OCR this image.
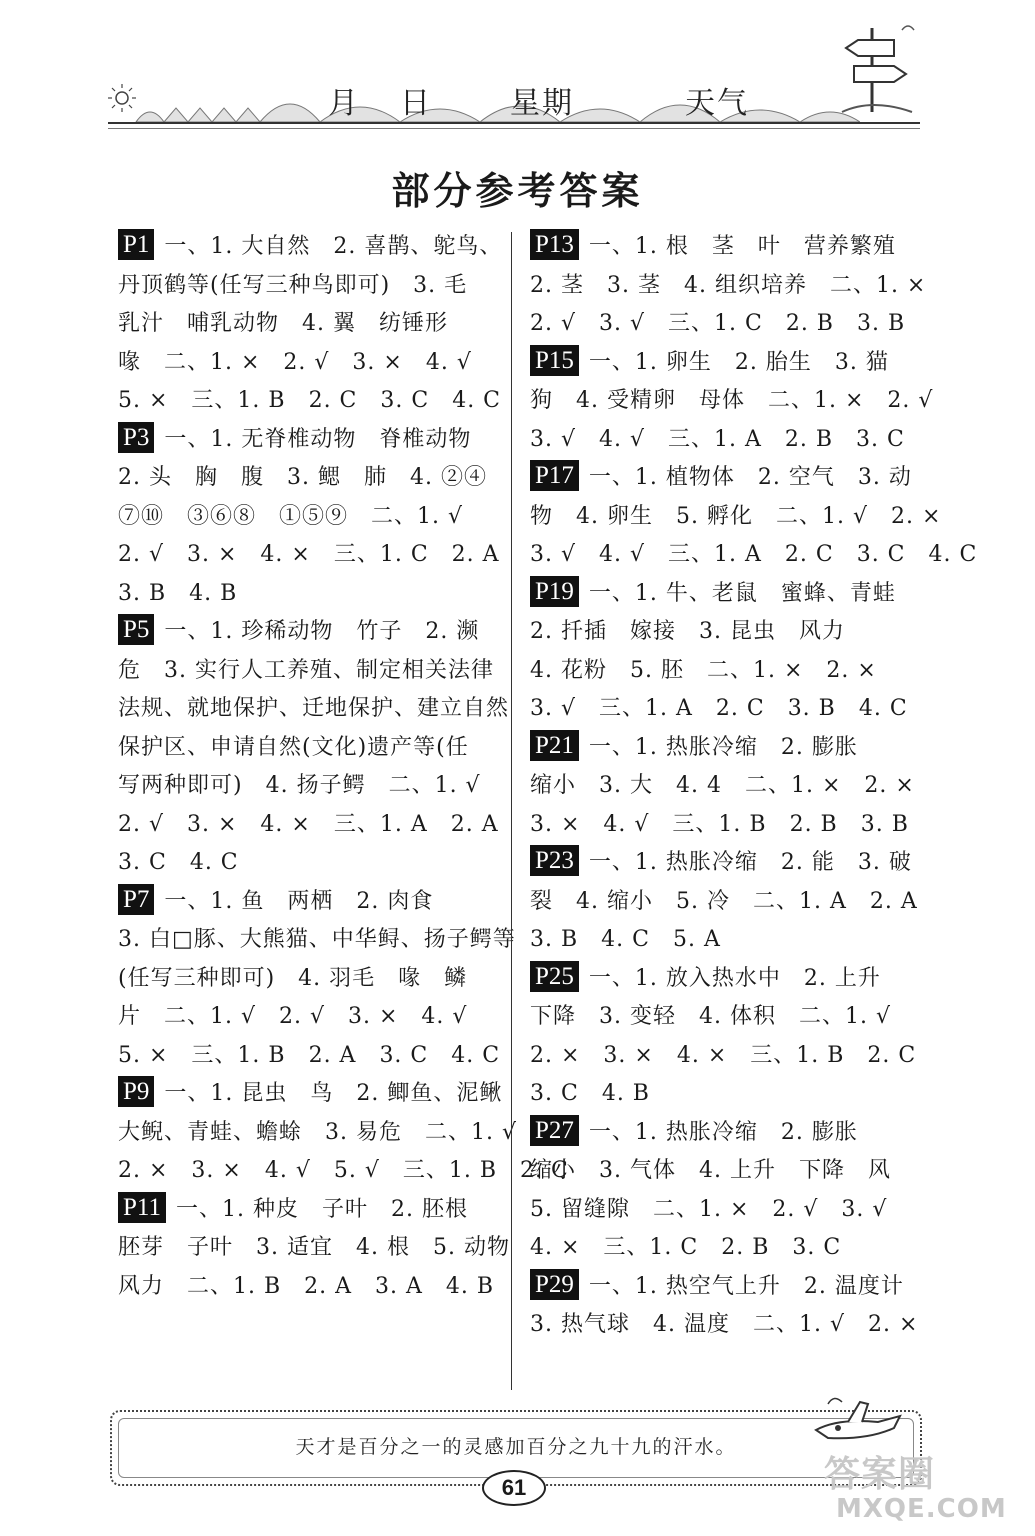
月 日	星期	天气
部分参考答案
P1 一、1. 大自然　2. 喜鹊、鸵鸟、
丹顶鹤等(任写三种鸟即可)　3. 毛
乳汁　哺乳动物　4. 翼　纺锤形
喙　二、1. ×　2. √　3. ×　4. √
5. ×　三、1. B　2. C　3. C　4. C
P3 一、1. 无脊椎动物　脊椎动物
2. 头　胸　腹　3. 鳃　肺　4. ②④
⑦⑩　③⑥⑧　①⑤⑨　二、1. √
2. √　3. ×　4. ×　三、1. C　2. A
3. B　4. B
P5 一、1. 珍稀动物　竹子　2. 濒
危　3. 实行人工养殖、制定相关法律
法规、就地保护、迁地保护、建立自然
保护区、申请自然(文化)遗产等(任
写两种即可)　4. 扬子鳄　二、1. √
2. √　3. ×　4. ×　三、1. A　2. A
3. C　4. C
P7 一、1. 鱼　两栖　2. 肉食
3. 白□豚、大熊猫、中华鲟、扬子鳄等
(任写三种即可)　4. 羽毛　喙　鳞
片　二、1. √　2. √　3. ×　4. √
5. ×　三、1. B　2. A　3. C　4. C
P9 一、1. 昆虫　鸟　2. 鲫鱼、泥鳅
大鲵、青蛙、蟾蜍　3. 易危　二、1. √
2. ×　3. ×　4. √　5. √　三、1. B　2. C
P11 一、1. 种皮　子叶　2. 胚根
胚芽　子叶　3. 适宜　4. 根　5. 动物
风力　二、1. B　2. A　3. A　4. B
P13 一、1. 根　茎　叶　营养繁殖
2. 茎　3. 茎　4. 组织培养　二、1. ×
2. √　3. √　三、1. C　2. B　3. B
P15 一、1. 卵生　2. 胎生　3. 猫
狗　4. 受精卵　母体　二、1. ×　2. √
3. √　4. √　三、1. A　2. B　3. C
P17 一、1. 植物体　2. 空气　3. 动
物　4. 卵生　5. 孵化　二、1. √　2. ×
3. √　4. √　三、1. A　2. C　3. C　4. C
P19 一、1. 牛、老鼠　蜜蜂、青蛙
2. 扦插　嫁接　3. 昆虫　风力
4. 花粉　5. 胚　二、1. ×　2. ×
3. √　三、1. A　2. C　3. B　4. C
P21 一、1. 热胀冷缩　2. 膨胀
缩小　3. 大　4. 4　二、1. ×　2. ×
3. ×　4. √　三、1. B　2. B　3. B
P23 一、1. 热胀冷缩　2. 能　3. 破
裂　4. 缩小　5. 冷　二、1. A　2. A
3. B　4. C　5. A
P25 一、1. 放入热水中　2. 上升
下降　3. 变轻　4. 体积　二、1. √
2. ×　3. ×　4. ×　三、1. B　2. C
3. C　4. B
P27 一、1. 热胀冷缩　2. 膨胀
缩小　3. 气体　4. 上升　下降　风
5. 留缝隙　二、1. ×　2. √　3. √
4. ×　三、1. C　2. B　3. C
P29 一、1. 热空气上升　2. 温度计
3. 热气球　4. 温度　二、1. √　2. ×
天才是百分之一的灵感加百分之九十九的汗水。
61	答案圈
MXQE.COM
